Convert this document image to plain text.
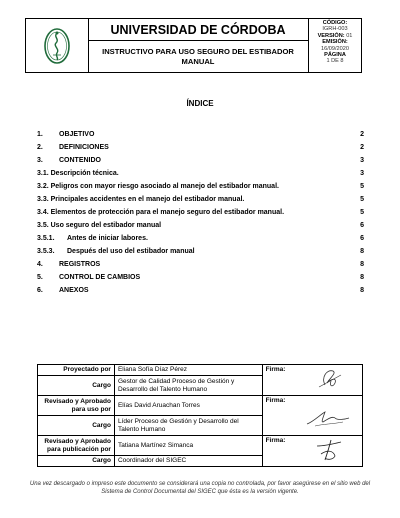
UNIVERSIDAD DE CÓRDOBA
INSTRUCTIVO PARA USO SEGURO DEL ESTIBADOR MANUAL
CÓDIGO:
IGRH-003
VERSIÓN: 01
EMISIÓN:
16/09/2020
PÁGINA
1 DE 8
ÍNDICE
1. OBJETIVO	2
2. DEFINICIONES	2
3. CONTENIDO	3
3.1. Descripción técnica.	3
3.2. Peligros con mayor riesgo asociado al manejo del estibador manual.	5
3.3. Principales accidentes en el manejo del estibador manual.	5
3.4. Elementos de protección para el manejo seguro del estibador manual.	5
3.5. Uso seguro del estibador manual	6
3.5.1. Antes de iniciar labores.	6
3.5.3. Después del uso del estibador manual	8
4. REGISTROS	8
5. CONTROL DE CAMBIOS	8
6. ANEXOS	8
Proyectado por	Eliana Sofía Díaz Pérez	Firma:

Cargo	Gestor de Calidad Proceso de Gestión y Desarrollo del Talento Humano	
Revisado y Aprobado para uso por	Elías David Aruachan Torres	Firma:

Cargo	Líder Proceso de Gestión y Desarrollo del Talento Humano	
Revisado y Aprobado para publicación por	Tatiana Martínez Simanca	Firma:

Cargo	Coordinador del SIGEC	
Una vez descargado o impreso este documento se considerará una copia no controlada, por favor asegúrese en el sitio web del Sistema de Control Documental del SIGEC que ésta es la versión vigente.
